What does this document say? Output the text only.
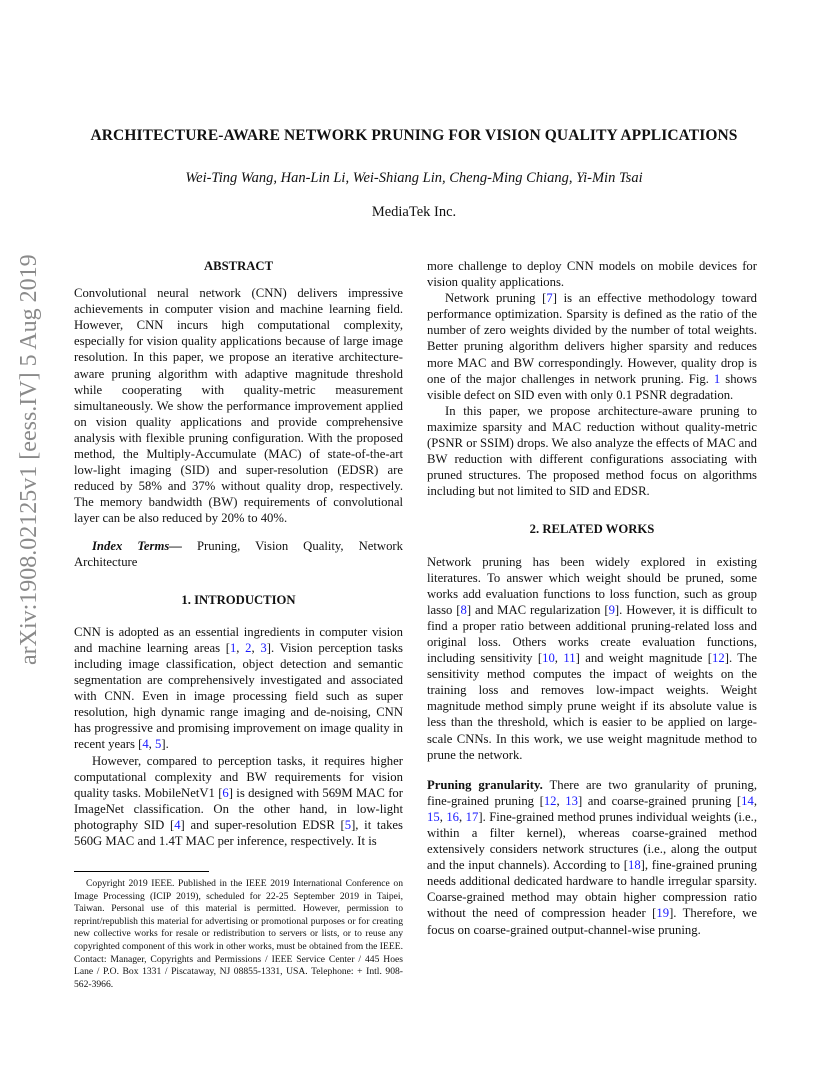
ARCHITECTURE-AWARE NETWORK PRUNING FOR VISION QUALITY APPLICATIONS
Wei-Ting Wang, Han-Lin Li, Wei-Shiang Lin, Cheng-Ming Chiang, Yi-Min Tsai
MediaTek Inc.
arXiv:1908.02125v1 [eess.IV] 5 Aug 2019	ABSTRACT

Convolutional neural network (CNN) delivers impressive achievements in computer vision and machine learning field. However, CNN incurs high computational complexity, especially for vision quality applications because of large image resolution. In this paper, we propose an iterative architecture-aware pruning algorithm with adaptive magnitude threshold while cooperating with quality-metric measurement simultaneously. We show the performance improvement applied on vision quality applications and provide comprehensive analysis with flexible pruning configuration. With the proposed method, the Multiply-Accumulate (MAC) of state-of-the-art low-light imaging (SID) and super-resolution (EDSR) are reduced by 58% and 37% without quality drop, respectively. The memory bandwidth (BW) requirements of convolutional layer can be also reduced by 20% to 40%.

Index Terms— Pruning, Vision Quality, Network Architecture

1. INTRODUCTION

CNN is adopted as an essential ingredients in computer vision and machine learning areas [1, 2, 3]. Vision perception tasks including image classification, object detection and semantic segmentation are comprehensively investigated and associated with CNN. Even in image processing field such as super resolution, high dynamic range imaging and de-noising, CNN has progressive and promising improvement on image quality in recent years [4, 5].

However, compared to perception tasks, it requires higher computational complexity and BW requirements for vision quality tasks. MobileNetV1 [6] is designed with 569M MAC for ImageNet classification. On the other hand, in low-light photography SID [4] and super-resolution EDSR [5], it takes 560G MAC and 1.4T MAC per inference, respectively. It is

Copyright 2019 IEEE. Published in the IEEE 2019 International Conference on Image Processing (ICIP 2019), scheduled for 22-25 September 2019 in Taipei, Taiwan. Personal use of this material is permitted. However, permission to reprint/republish this material for advertising or promotional purposes or for creating new collective works for resale or redistribution to servers or lists, or to reuse any copyrighted component of this work in other works, must be obtained from the IEEE. Contact: Manager, Copyrights and Permissions / IEEE Service Center / 445 Hoes Lane / P.O. Box 1331 / Piscataway, NJ 08855-1331, USA. Telephone: + Intl. 908-562-3966.

more challenge to deploy CNN models on mobile devices for vision quality applications.

Network pruning [7] is an effective methodology toward performance optimization. Sparsity is defined as the ratio of the number of zero weights divided by the number of total weights. Better pruning algorithm delivers higher sparsity and reduces more MAC and BW correspondingly. However, quality drop is one of the major challenges in network pruning. Fig. 1 shows visible defect on SID even with only 0.1 PSNR degradation.

In this paper, we propose architecture-aware pruning to maximize sparsity and MAC reduction without quality-metric (PSNR or SSIM) drops. We also analyze the effects of MAC and BW reduction with different configurations associating with pruned structures. The proposed method focus on algorithms including but not limited to SID and EDSR.

2. RELATED WORKS

Network pruning has been widely explored in existing literatures. To answer which weight should be pruned, some works add evaluation functions to loss function, such as group lasso [8] and MAC regularization [9]. However, it is difficult to find a proper ratio between additional pruning-related loss and original loss. Others works create evaluation functions, including sensitivity [10, 11] and weight magnitude [12]. The sensitivity method computes the impact of weights on the training loss and removes low-impact weights. Weight magnitude method simply prune weight if its absolute value is less than the threshold, which is easier to be applied on large-scale CNNs. In this work, we use weight magnitude method to prune the network.

Pruning granularity. There are two granularity of pruning, fine-grained pruning [12, 13] and coarse-grained pruning [14, 15, 16, 17]. Fine-grained method prunes individual weights (i.e., within a filter kernel), whereas coarse-grained method extensively considers network structures (i.e., along the output and the input channels). According to [18], fine-grained pruning needs additional dedicated hardware to handle irregular sparsity. Coarse-grained method may obtain higher compression ratio without the need of compression header [19]. Therefore, we focus on coarse-grained output-channel-wise pruning.
